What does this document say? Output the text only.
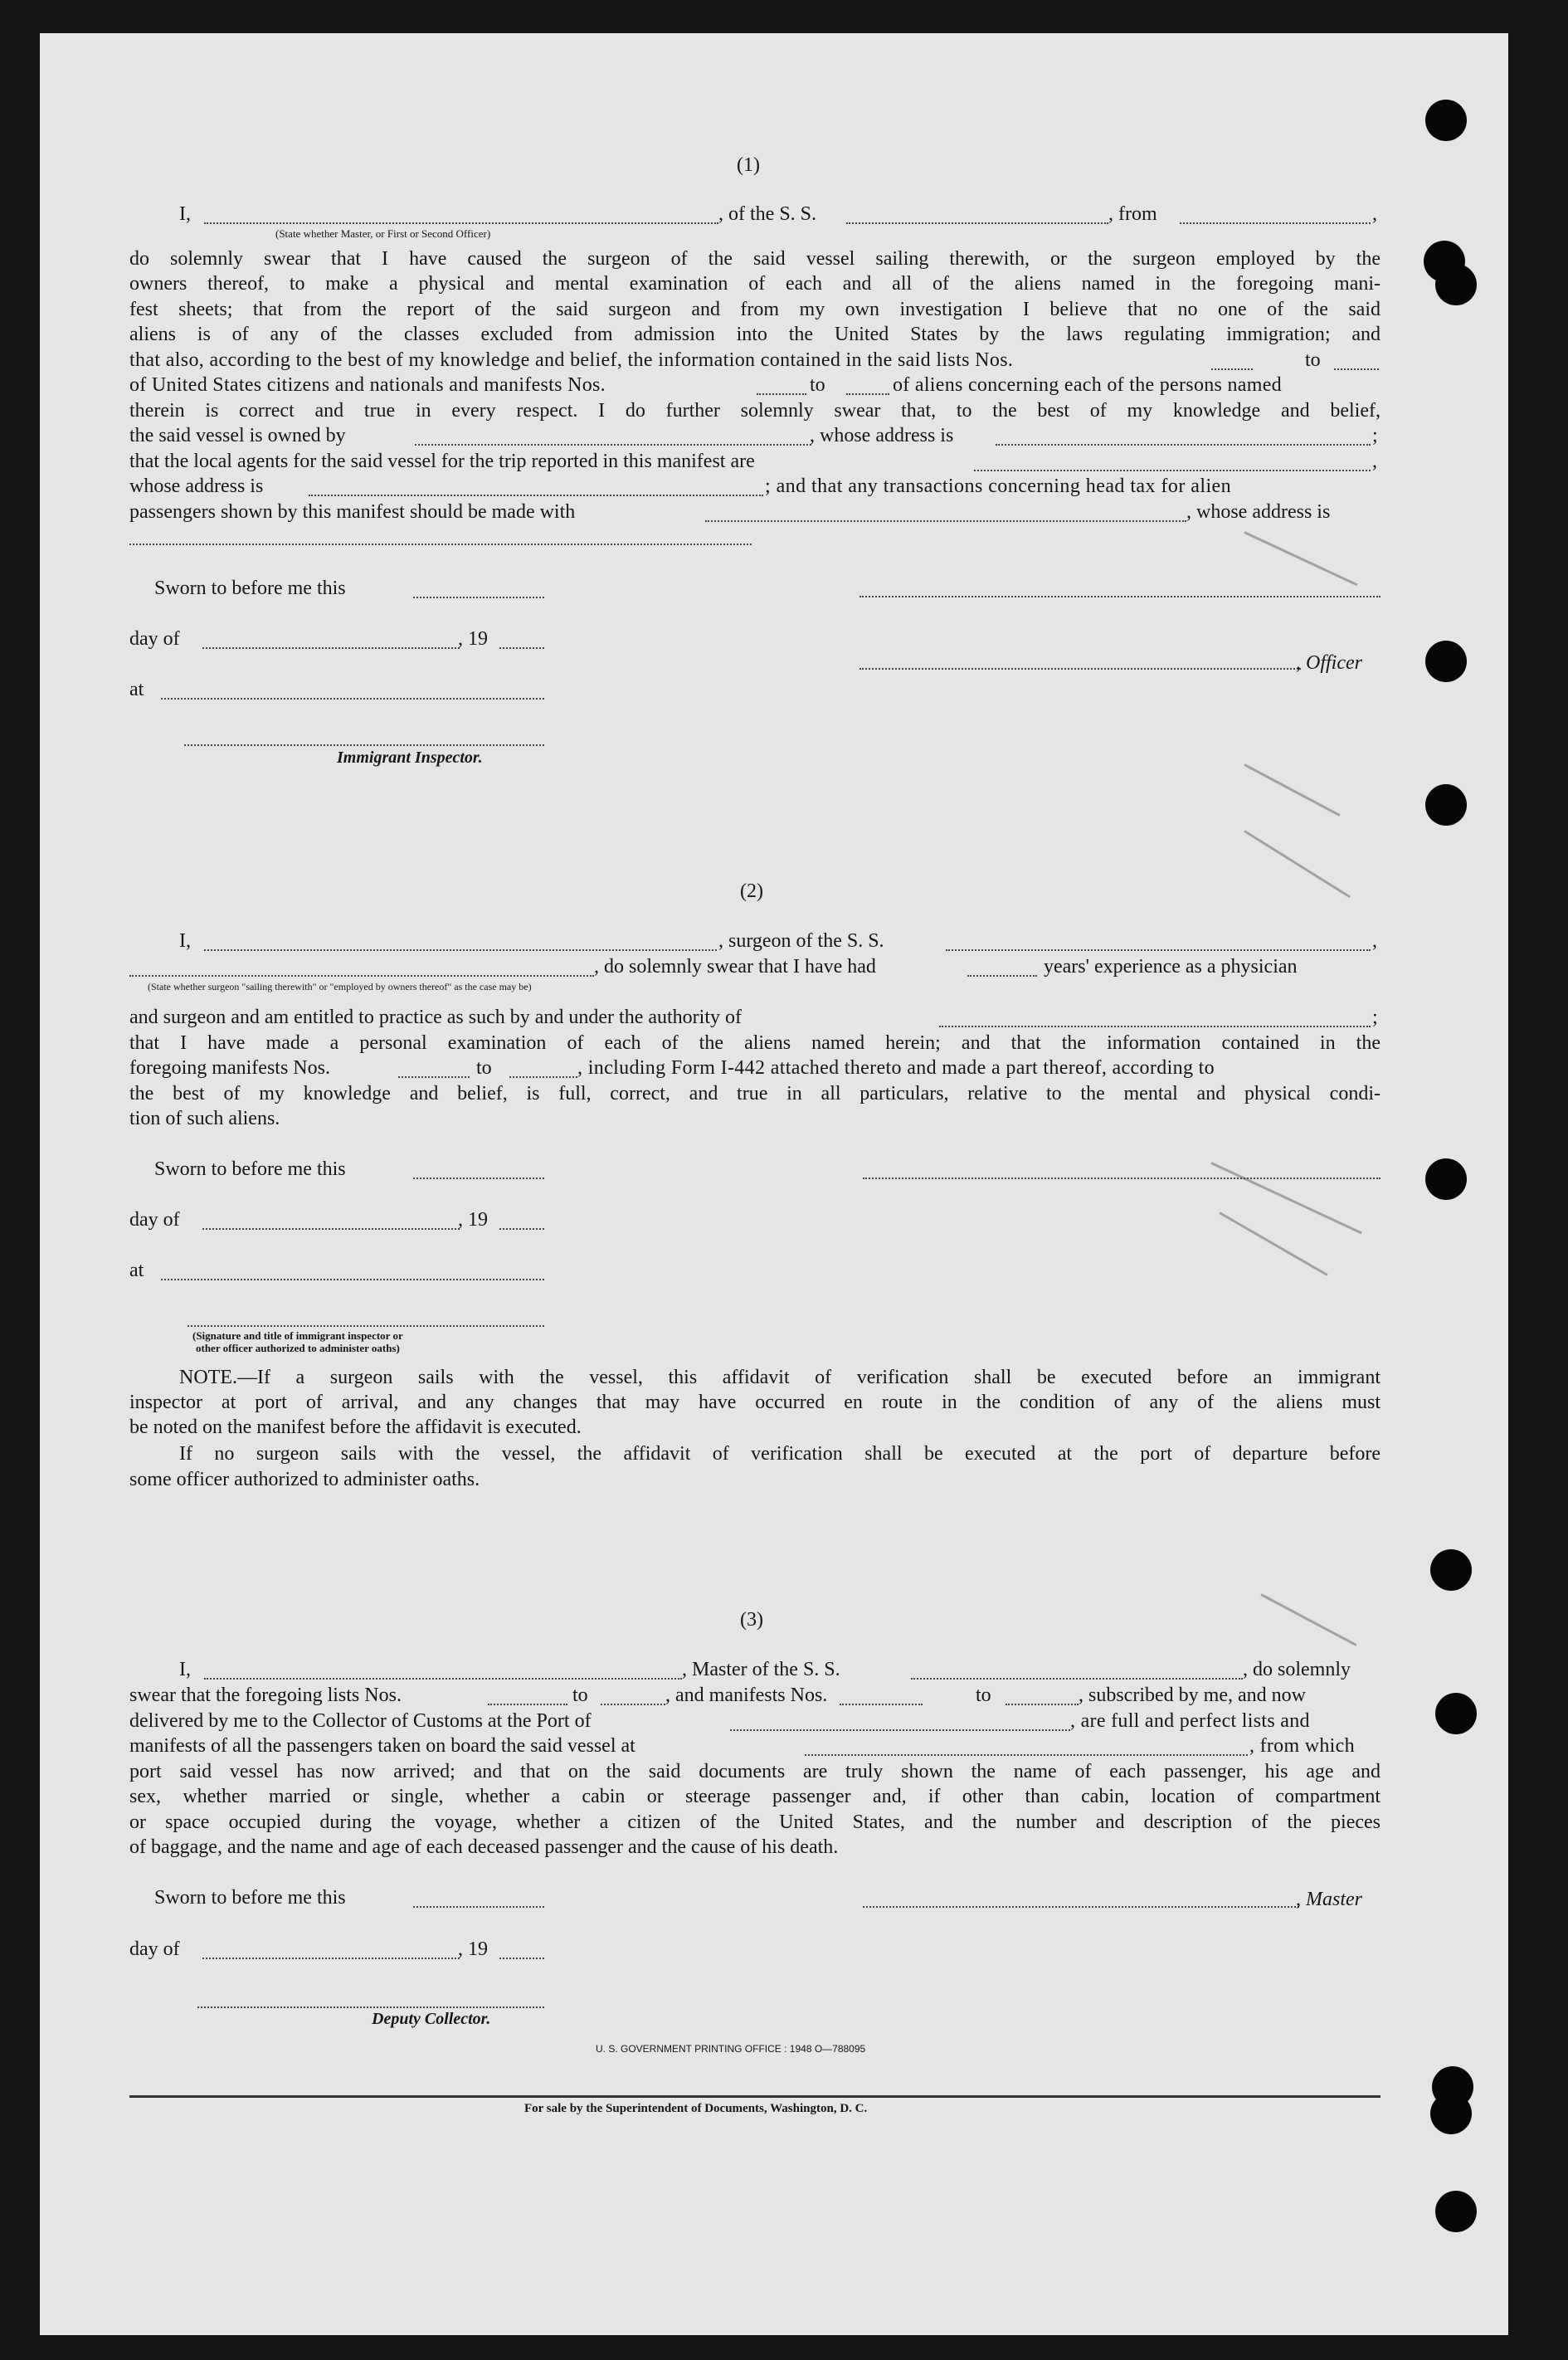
(1)
I,	, of the S. S.	, from	,
(State whether Master, or First or Second Officer)
do solemnly swear that I have caused the surgeon of the said vessel sailing therewith, or the surgeon employed by the
owners thereof, to make a physical and mental examination of each and all of the aliens named in the foregoing mani-
fest sheets; that from the report of the said surgeon and from my own investigation I believe that no one of the said
aliens is of any of the classes excluded from admission into the United States by the laws regulating immigration; and
that also, according to the best of my knowledge and belief, the information contained in the said lists Nos.	to
of United States citizens and nationals and manifests Nos.	to	of aliens concerning each of the persons named
therein is correct and true in every respect. I do further solemnly swear that, to the best of my knowledge and belief,
the said vessel is owned by	, whose address is	;
that the local agents for the said vessel for the trip reported in this manifest are	,
whose address is	; and that any transactions concerning head tax for alien
passengers shown by this manifest should be made with	, whose address is
Sworn to before me this
day of	, 19
, Officer
at
Immigrant Inspector.
(2)
I,	, surgeon of the S. S.	,
, do solemnly swear that I have had	years' experience as a physician
(State whether surgeon "sailing therewith" or "employed by owners thereof" as the case may be)
and surgeon and am entitled to practice as such by and under the authority of	;
that I have made a personal examination of each of the aliens named herein; and that the information contained in the
foregoing manifests Nos.	to	, including Form I-442 attached thereto and made a part thereof, according to
the best of my knowledge and belief, is full, correct, and true in all particulars, relative to the mental and physical condi-
tion of such aliens.
Sworn to before me this
day of	, 19
at
(Signature and title of immigrant inspector or
other officer authorized to administer oaths)
NOTE.—If a surgeon sails with the vessel, this affidavit of verification shall be executed before an immigrant
inspector at port of arrival, and any changes that may have occurred en route in the condition of any of the aliens must
be noted on the manifest before the affidavit is executed.
If no surgeon sails with the vessel, the affidavit of verification shall be executed at the port of departure before
some officer authorized to administer oaths.
(3)
I,	, Master of the S. S.	, do solemnly
swear that the foregoing lists Nos.	to	, and manifests Nos.	to	, subscribed by me, and now
delivered by me to the Collector of Customs at the Port of	, are full and perfect lists and
manifests of all the passengers taken on board the said vessel at	, from which
port said vessel has now arrived; and that on the said documents are truly shown the name of each passenger, his age and
sex, whether married or single, whether a cabin or steerage passenger and, if other than cabin, location of compartment
or space occupied during the voyage, whether a citizen of the United States, and the number and description of the pieces
of baggage, and the name and age of each deceased passenger and the cause of his death.
Sworn to before me this	, Master
day of	, 19
Deputy Collector.
U. S. GOVERNMENT PRINTING OFFICE : 1948 O—788095
For sale by the Superintendent of Documents, Washington, D. C.
